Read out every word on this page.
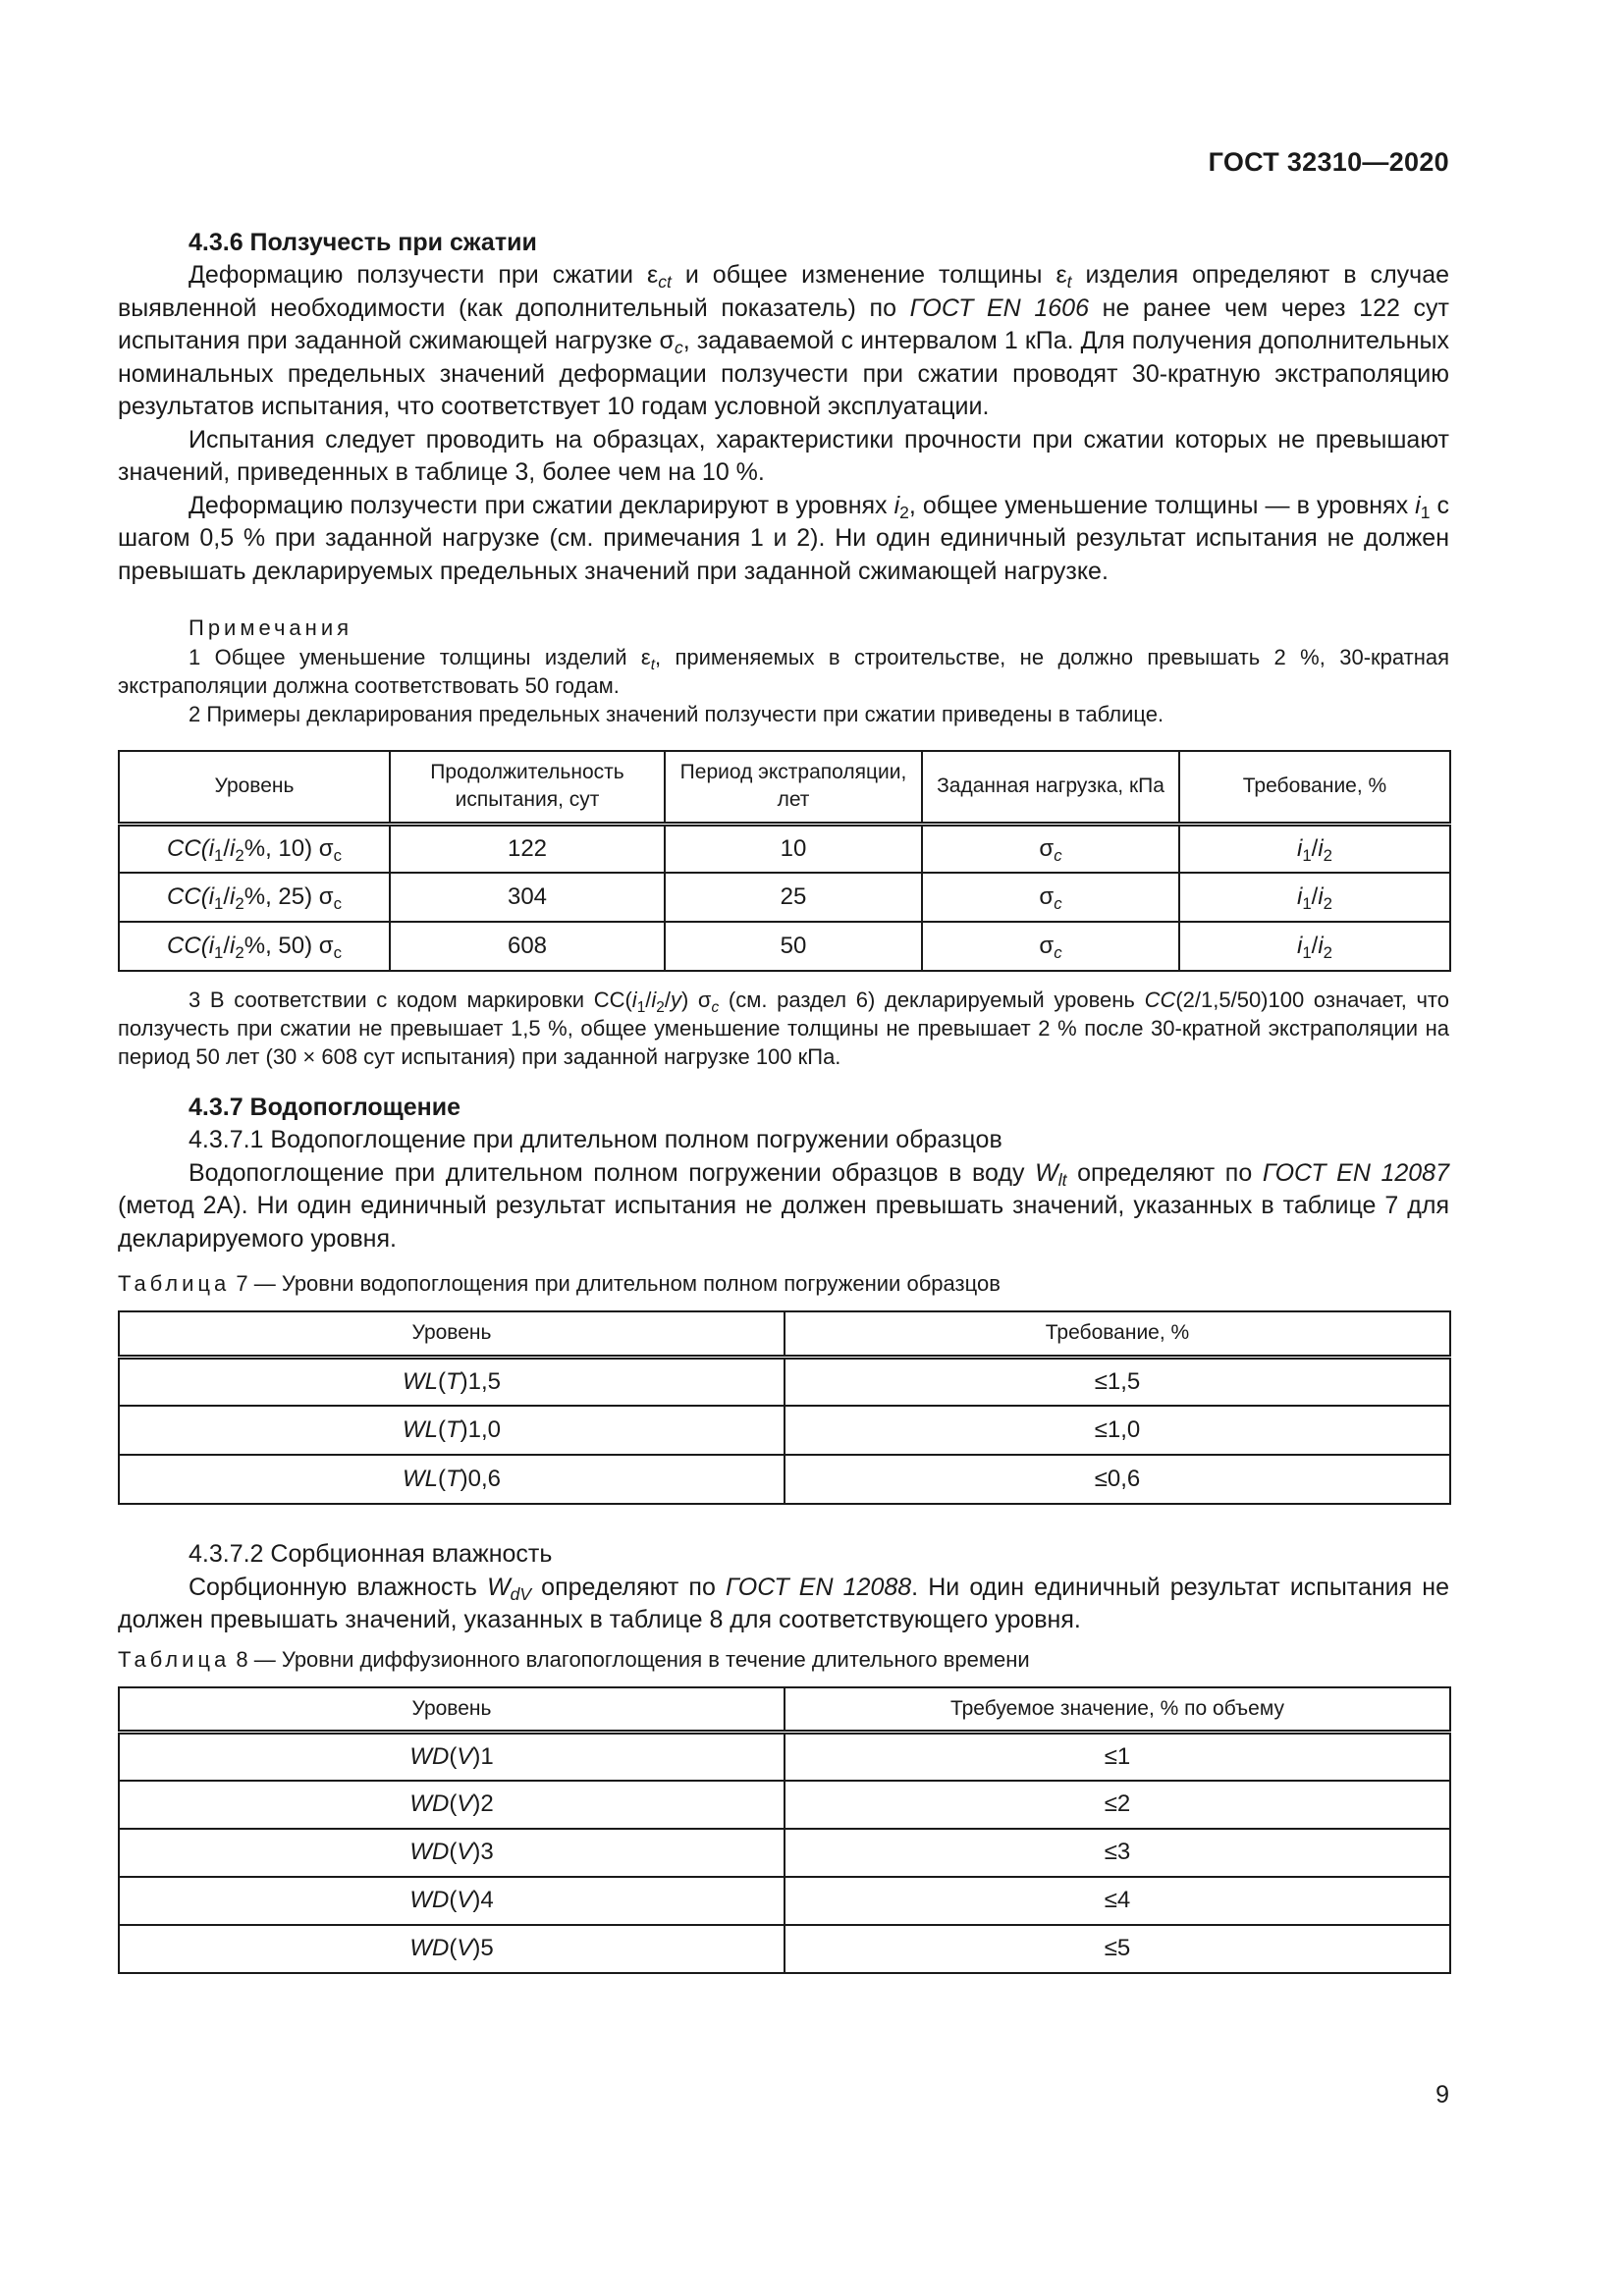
ГОСТ 32310—2020
4.3.6 Ползучесть при сжатии

Деформацию ползучести при сжатии $\varepsilon_{ct}$ и общее изменение толщины $\varepsilon_t$ изделия определяют в случае выявленной необходимости (как дополнительный показатель) по ГОСТ EN 1606 не ранее чем через 122 сут испытания при заданной сжимающей нагрузке $\sigma_c$, задаваемой с интервалом 1 кПа. Для получения дополнительных номинальных предельных значений деформации ползучести при сжатии проводят 30-кратную экстраполяцию результатов испытания, что соответствует 10 годам условной эксплуатации.

Испытания следует проводить на образцах, характеристики прочности при сжатии которых не превышают значений, приведенных в таблице 3, более чем на 10 %.

Деформацию ползучести при сжатии декларируют в уровнях $i_2$, общее уменьшение толщины — в уровнях $i_1$ с шагом 0,5 % при заданной нагрузке (см. примечания 1 и 2). Ни один единичный результат испытания не должен превышать декларируемых предельных значений при заданной сжимающей нагрузке.

Примечания

1 Общее уменьшение толщины изделий $\varepsilon_t$, применяемых в строительстве, не должно превышать 2 %, 30-кратная экстраполяции должна соответствовать 50 годам.

2 Примеры декларирования предельных значений ползучести при сжатии приведены в таблице.

Уровень	Продолжительность испытания, сут	Период экстраполяции, лет	Заданная нагрузка, кПа	Требование, %
$CC(i_1/i_2\%$, 10) $\sigma_c$	122	10	$\sigma_c$	$i_1/i_2$
$CC(i_1/i_2\%$, 25) $\sigma_c$	304	25	$\sigma_c$	$i_1/i_2$
$CC(i_1/i_2\%$, 50) $\sigma_c$	608	50	$\sigma_c$	$i_1/i_2$

3 В соответствии с кодом маркировки $CC(i_1/i_2/y)$ $\sigma_c$ (см. раздел 6) декларируемый уровень CC(2/1,5/50)100 означает, что ползучесть при сжатии не превышает 1,5 %, общее уменьшение толщины не превышает 2 % после 30-кратной экстраполяции на период 50 лет (30 × 608 сут испытания) при заданной нагрузке 100 кПа.

4.3.7 Водопоглощение
4.3.7.1 Водопоглощение при длительном полном погружении образцов

Водопоглощение при длительном полном погружении образцов в воду $W_{lt}$ определяют по ГОСТ EN 12087 (метод 2А). Ни один единичный результат испытания не должен превышать значений, указанных в таблице 7 для декларируемого уровня.

Таблица 7 — Уровни водопоглощения при длительном полном погружении образцов

Уровень	Требование, %
WL(T)1,5	≤1,5
WL(T)1,0	≤1,0
WL(T)0,6	≤0,6
4.3.7.2 Сорбционная влажность

Сорбционную влажность $W_{dV}$ определяют по ГОСТ EN 12088. Ни один единичный результат испытания не должен превышать значений, указанных в таблице 8 для соответствующего уровня.

Таблица 8 — Уровни диффузионного влагопоглощения в течение длительного времени

Уровень	Требуемое значение, % по объему
WD(V)1	≤1
WD(V)2	≤2
WD(V)3	≤3
WD(V)4	≤4
WD(V)5	≤5
9
